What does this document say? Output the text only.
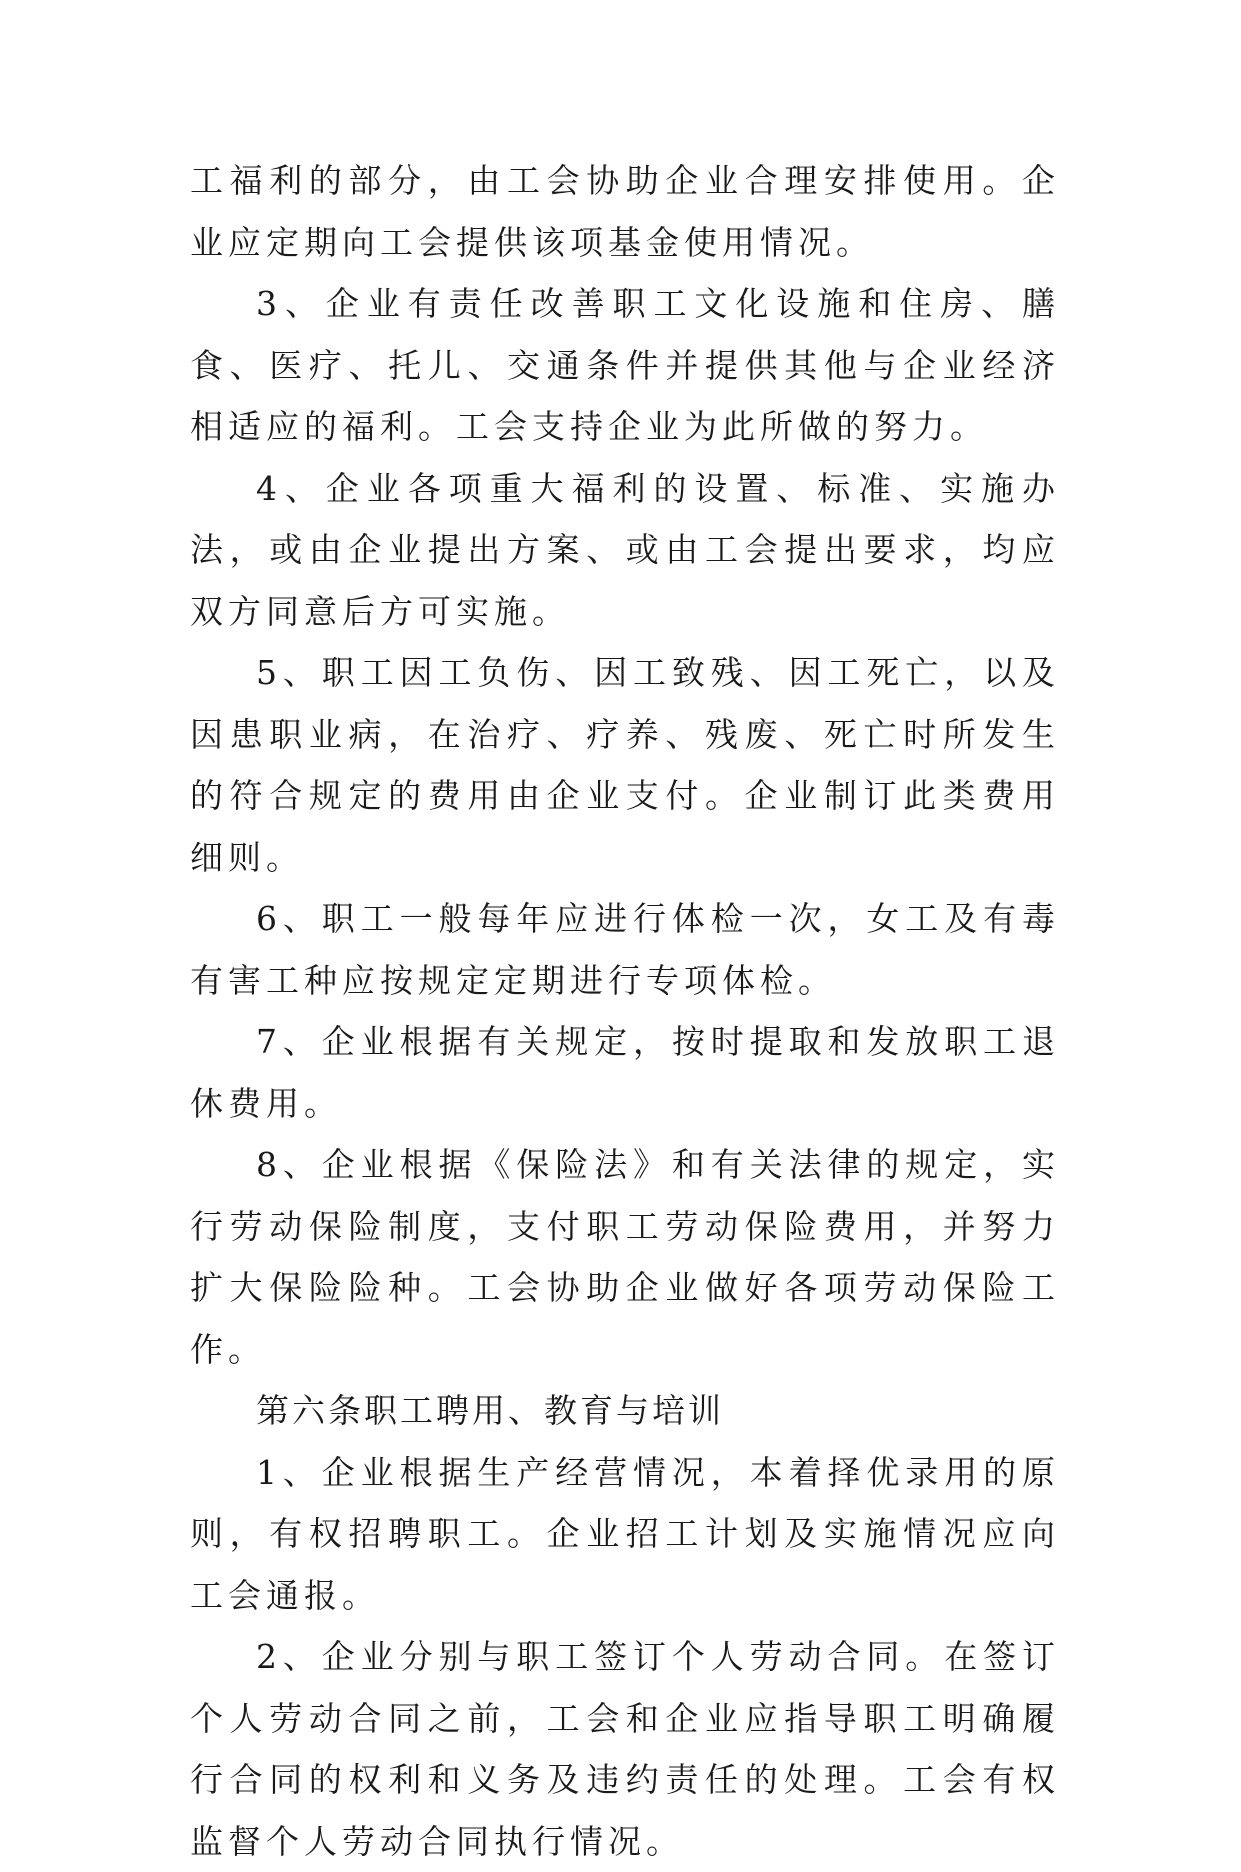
工福利的部分，由工会协助企业合理安排使用。企业应定期向工会提供该项基金使用情况。

3、企业有责任改善职工文化设施和住房、膳食、医疗、托儿、交通条件并提供其他与企业经济相适应的福利。工会支持企业为此所做的努力。

4、企业各项重大福利的设置、标准、实施办法，或由企业提出方案、或由工会提出要求，均应双方同意后方可实施。

5、职工因工负伤、因工致残、因工死亡，以及因患职业病，在治疗、疗养、残废、死亡时所发生的符合规定的费用由企业支付。企业制订此类费用细则。

6、职工一般每年应进行体检一次，女工及有毒有害工种应按规定定期进行专项体检。

7、企业根据有关规定，按时提取和发放职工退休费用。

8、企业根据《保险法》和有关法律的规定，实行劳动保险制度，支付职工劳动保险费用，并努力扩大保险险种。工会协助企业做好各项劳动保险工作。

第六条职工聘用、教育与培训

1、企业根据生产经营情况，本着择优录用的原则，有权招聘职工。企业招工计划及实施情况应向工会通报。

2、企业分别与职工签订个人劳动合同。在签订个人劳动合同之前，工会和企业应指导职工明确履行合同的权利和义务及违约责任的处理。工会有权监督个人劳动合同执行情况。
